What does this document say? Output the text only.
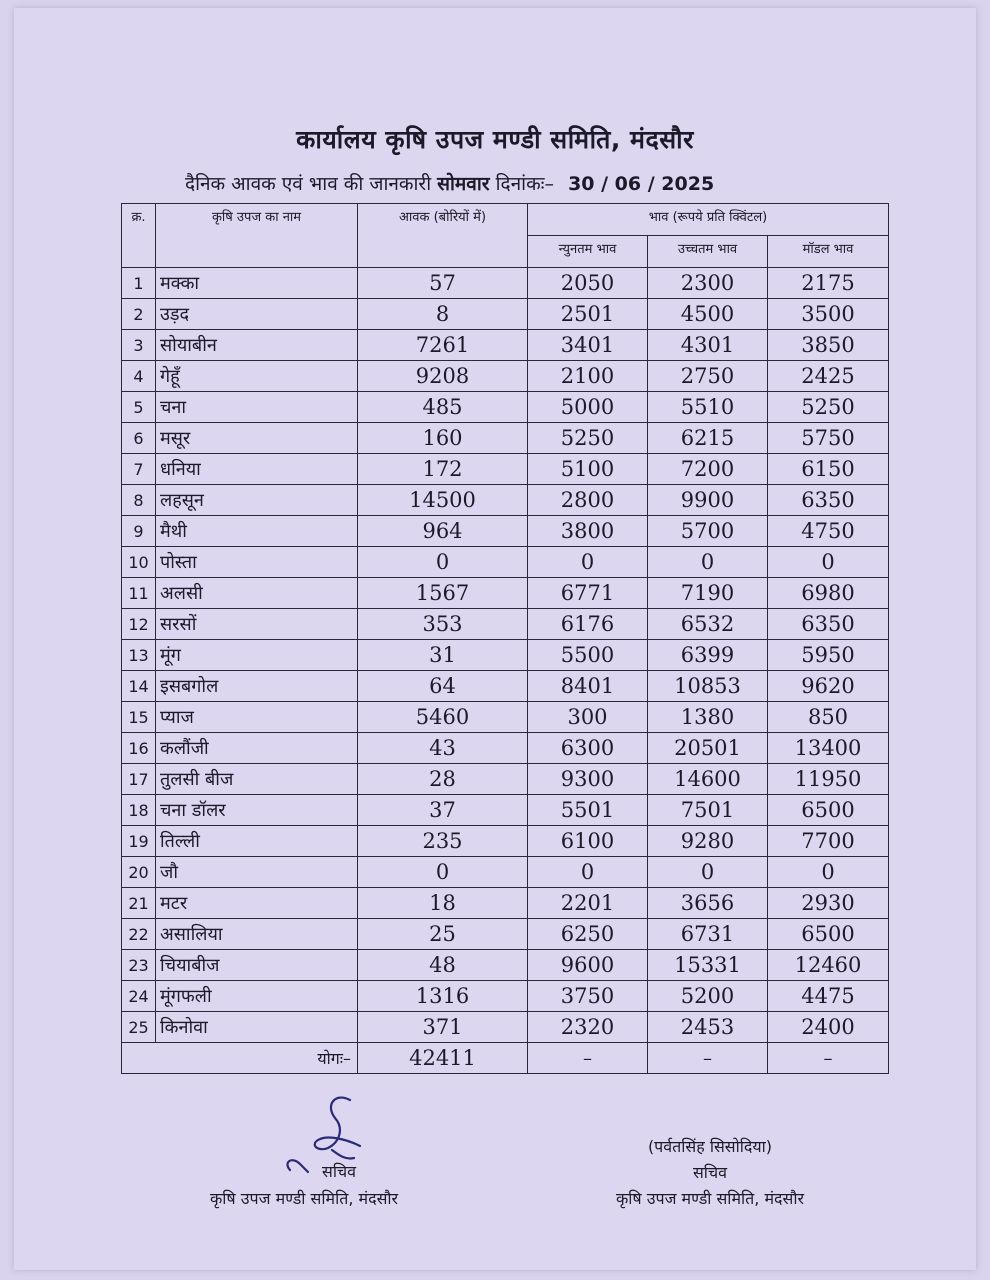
कार्यालय कृषि उपज मण्डी समिति, मंदसौर
दैनिक आवक एवं भाव की जानकारी सोमवार दिनांकः– 30 / 06 / 2025
क्र.	कृषि उपज का नाम	आवक (बोरियों में)	भाव (रूपये प्रति क्विंटल)		
			न्युनतम भाव	उच्चतम भाव	मॉडल भाव
1	मक्का	57	2050	2300	2175
2	उड़द	8	2501	4500	3500
3	सोयाबीन	7261	3401	4301	3850
4	गेहूँ	9208	2100	2750	2425
5	चना	485	5000	5510	5250
6	मसूर	160	5250	6215	5750
7	धनिया	172	5100	7200	6150
8	लहसून	14500	2800	9900	6350
9	मैथी	964	3800	5700	4750
10	पोस्ता	0	0	0	0
11	अलसी	1567	6771	7190	6980
12	सरसों	353	6176	6532	6350
13	मूंग	31	5500	6399	5950
14	इसबगोल	64	8401	10853	9620
15	प्याज	5460	300	1380	850
16	कलौंजी	43	6300	20501	13400
17	तुलसी बीज	28	9300	14600	11950
18	चना डॉलर	37	5501	7501	6500
19	तिल्ली	235	6100	9280	7700
20	जौ	0	0	0	0
21	मटर	18	2201	3656	2930
22	असालिया	25	6250	6731	6500
23	चियाबीज	48	9600	15331	12460
24	मूंगफली	1316	3750	5200	4475
25	किनोवा	371	2320	2453	2400
योगः–		42411	–	–	–
सचिव
कृषि उपज मण्डी समिति, मंदसौर
(पर्वतसिंह सिसोदिया)
सचिव
कृषि उपज मण्डी समिति, मंदसौर
